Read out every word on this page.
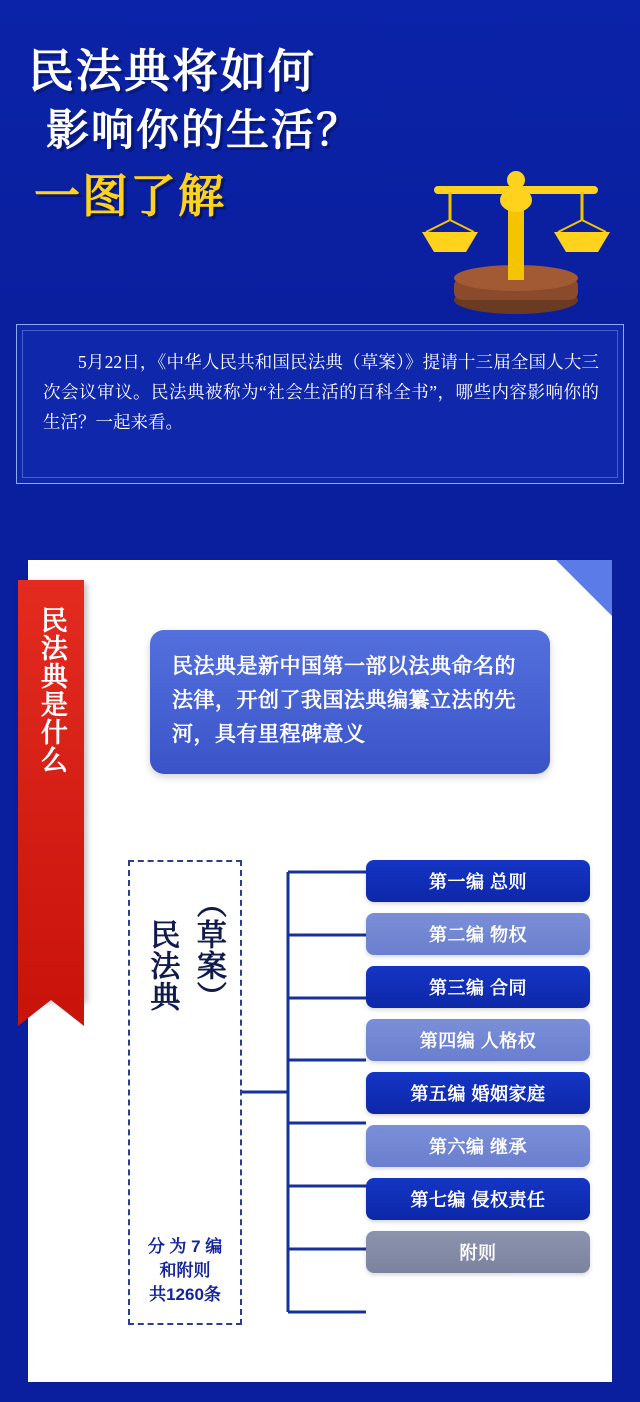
民法典将如何
影响你的生活？
一图了解
5月22日，《中华人民共和国民法典（草案）》提请十三届全国人大三次会议审议。民法典被称为“社会生活的百科全书”，哪些内容影响你的生活？一起来看。
民法典是什么	民法典是新中国第一部以法典命名的法律，开创了我国法典编纂立法的先河，具有里程碑意义
民法典 （草案）
分 为 7 编
和附则
共1260条
第一编 总则
第二编 物权
第三编 合同
第四编 人格权
第五编 婚姻家庭
第六编 继承
第七编 侵权责任
附则
